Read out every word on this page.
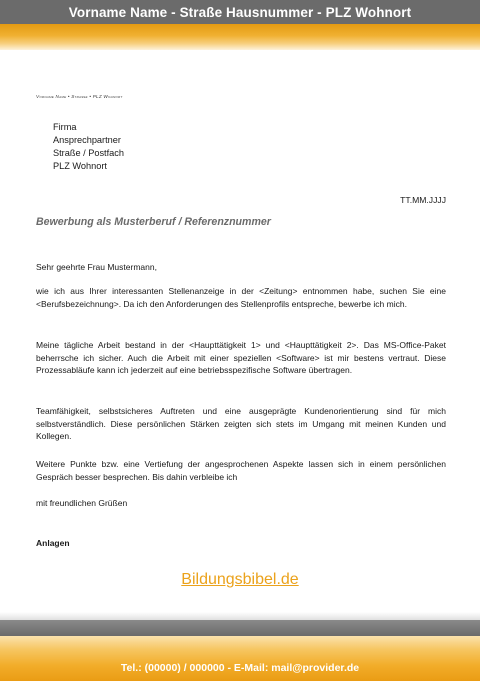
Vorname Name - Straße Hausnummer - PLZ Wohnort
Vorname Name • Straße • PLZ Wohnort
Firma
Ansprechpartner
Straße / Postfach
PLZ Wohnort
TT.MM.JJJJ
Bewerbung als Musterberuf / Referenznummer
Sehr geehrte Frau Mustermann,
wie ich aus Ihrer interessanten Stellenanzeige in der <Zeitung> entnommen habe, suchen Sie eine <Berufsbezeichnung>. Da ich den Anforderungen des Stellenprofils entspreche, bewerbe ich mich.
Meine tägliche Arbeit bestand in der <Haupttätigkeit 1> und <Haupttätigkeit 2>. Das MS-Office-Paket beherrsche ich sicher. Auch die Arbeit mit einer speziellen <Software> ist mir bestens vertraut. Diese Prozessabläufe kann ich jederzeit auf eine betriebsspezifische Software übertragen.
Teamfähigkeit, selbstsicheres Auftreten und eine ausgeprägte Kundenorientierung sind für mich selbstverständlich. Diese persönlichen Stärken zeigten sich stets im Umgang mit meinen Kunden und Kollegen.
Weitere Punkte bzw. eine Vertiefung der angesprochenen Aspekte lassen sich in einem persönlichen Gespräch besser besprechen. Bis dahin verbleibe ich
mit freundlichen Grüßen
Anlagen
Bildungsbibel.de
Tel.: (00000) / 000000 - E-Mail: mail@provider.de
